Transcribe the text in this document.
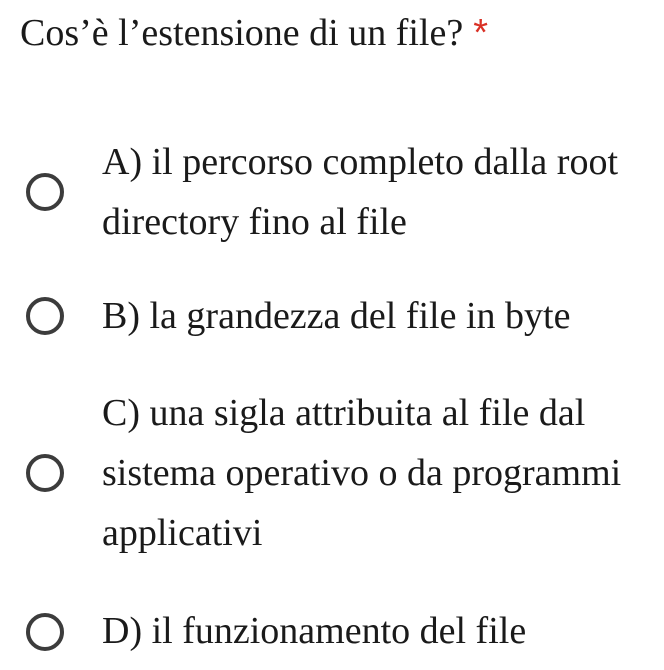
Cos’è l’estensione di un file? *
A) il percorso completo dalla root
directory fino al file
B) la grandezza del file in byte
C) una sigla attribuita al file dal
sistema operativo o da programmi
applicativi
D) il funzionamento del file
